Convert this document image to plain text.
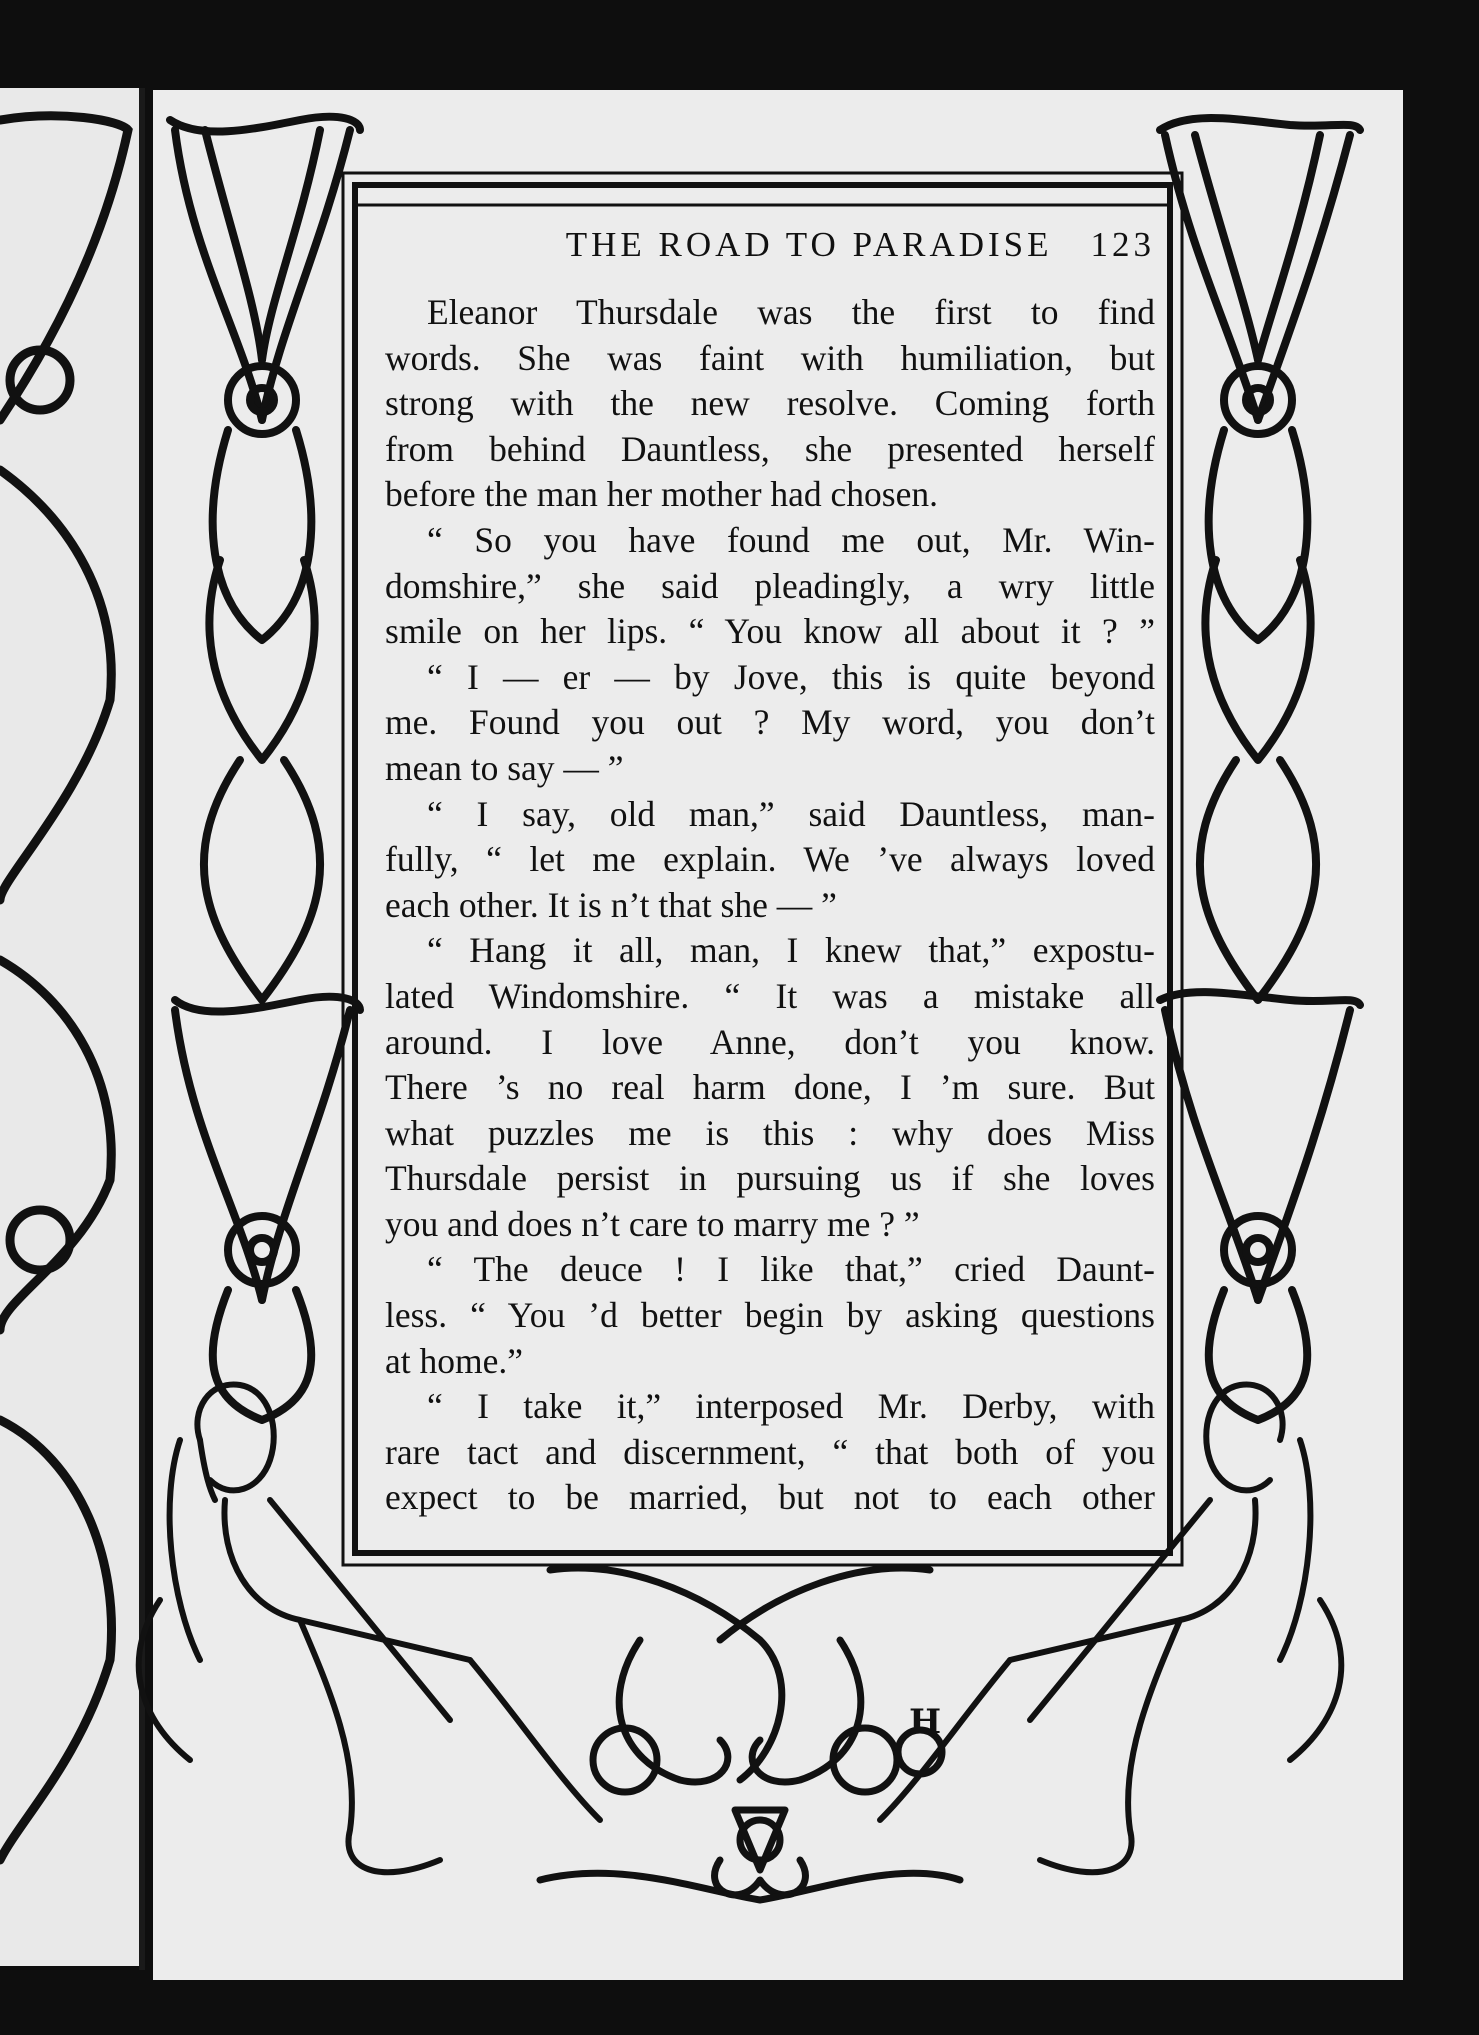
THE ROAD TO PARADISE 123
Eleanor Thursdale was the first to find
words. She was faint with humiliation, but
strong with the new resolve. Coming forth
from behind Dauntless, she presented herself
before the man her mother had chosen.
“ So you have found me out, Mr. Win-
domshire,” she said pleadingly, a wry little
smile on her lips. “ You know all about it ? ”
“ I — er — by Jove, this is quite beyond
me. Found you out ? My word, you don’t
mean to say — ”
“ I say, old man,” said Dauntless, man-
fully, “ let me explain. We ’ve always loved
each other. It is n’t that she — ”
“ Hang it all, man, I knew that,” expostu-
lated Windomshire. “ It was a mistake all
around. I love Anne, don’t you know.
There ’s no real harm done, I ’m sure. But
what puzzles me is this : why does Miss
Thursdale persist in pursuing us if she loves
you and does n’t care to marry me ? ”
“ The deuce ! I like that,” cried Daunt-
less. “ You ’d better begin by asking questions
at home.”
“ I take it,” interposed Mr. Derby, with
rare tact and discernment, “ that both of you
expect to be married, but not to each other
H
